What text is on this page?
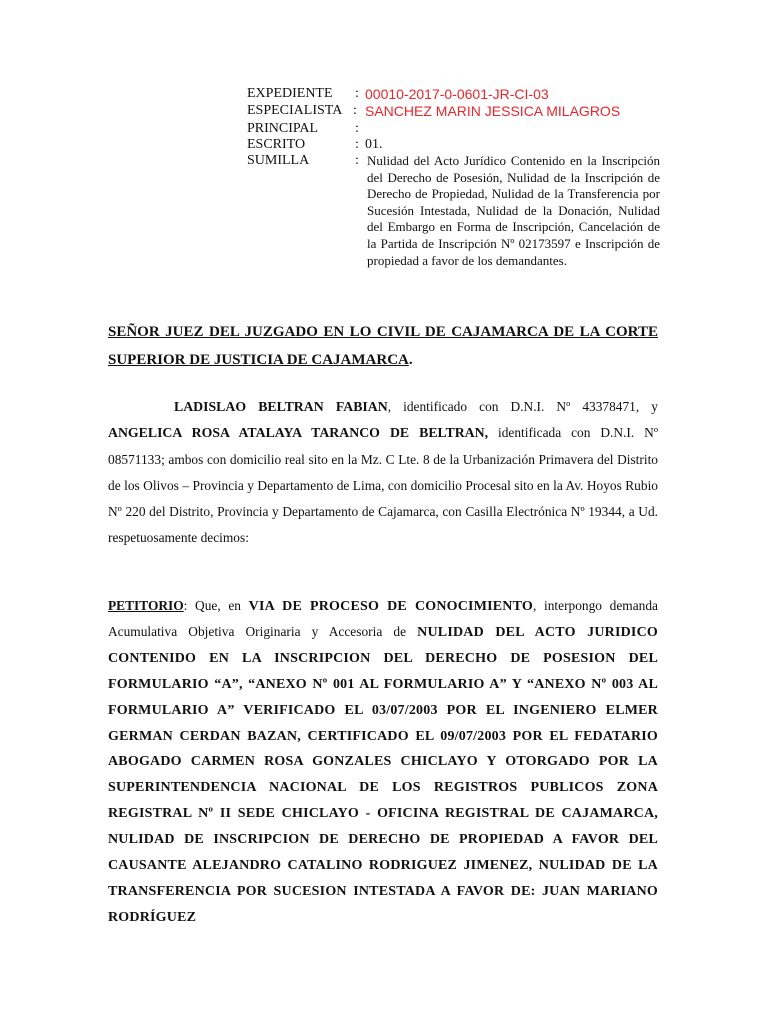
EXPEDIENTE : 00010-2017-0-0601-JR-CI-03
ESPECIALISTA : SANCHEZ MARIN JESSICA MILAGROS
PRINCIPAL	:
ESCRITO	: 01.
SUMILLA	: Nulidad del Acto Jurídico Contenido en la Inscripción del Derecho de Posesión, Nulidad de la Inscripción de Derecho de Propiedad, Nulidad de la Transferencia por Sucesión Intestada, Nulidad de la Donación, Nulidad del Embargo en Forma de Inscripción, Cancelación de la Partida de Inscripción Nº 02173597 e Inscripción de propiedad a favor de los demandantes.
SEÑOR JUEZ DEL JUZGADO EN LO CIVIL DE CAJAMARCA DE LA CORTE SUPERIOR DE JUSTICIA DE CAJAMARCA.
LADISLAO BELTRAN FABIAN, identificado con D.N.I. Nº 43378471, y ANGELICA ROSA ATALAYA TARANCO DE BELTRAN, identificada con D.N.I. Nº 08571133; ambos con domicilio real sito en la Mz. C Lte. 8 de la Urbanización Primavera del Distrito de los Olivos – Provincia y Departamento de Lima, con domicilio Procesal sito en la Av. Hoyos Rubio Nº 220 del Distrito, Provincia y Departamento de Cajamarca, con Casilla Electrónica Nº 19344, a Ud. respetuosamente decimos:
PETITORIO: Que, en VIA DE PROCESO DE CONOCIMIENTO, interpongo demanda Acumulativa Objetiva Originaria y Accesoria de NULIDAD DEL ACTO JURIDICO CONTENIDO EN LA INSCRIPCION DEL DERECHO DE POSESION DEL FORMULARIO “A”, “ANEXO Nº 001 AL FORMULARIO A” Y “ANEXO Nº 003 AL FORMULARIO A” VERIFICADO EL 03/07/2003 POR EL INGENIERO ELMER GERMAN CERDAN BAZAN, CERTIFICADO EL 09/07/2003 POR EL FEDATARIO ABOGADO CARMEN ROSA GONZALES CHICLAYO Y OTORGADO POR LA SUPERINTENDENCIA NACIONAL DE LOS REGISTROS PUBLICOS ZONA REGISTRAL Nº II SEDE CHICLAYO - OFICINA REGISTRAL DE CAJAMARCA, NULIDAD DE INSCRIPCION DE DERECHO DE PROPIEDAD A FAVOR DEL CAUSANTE ALEJANDRO CATALINO RODRIGUEZ JIMENEZ, NULIDAD DE LA TRANSFERENCIA POR SUCESION INTESTADA A FAVOR DE: JUAN MARIANO RODRÍGUEZ
